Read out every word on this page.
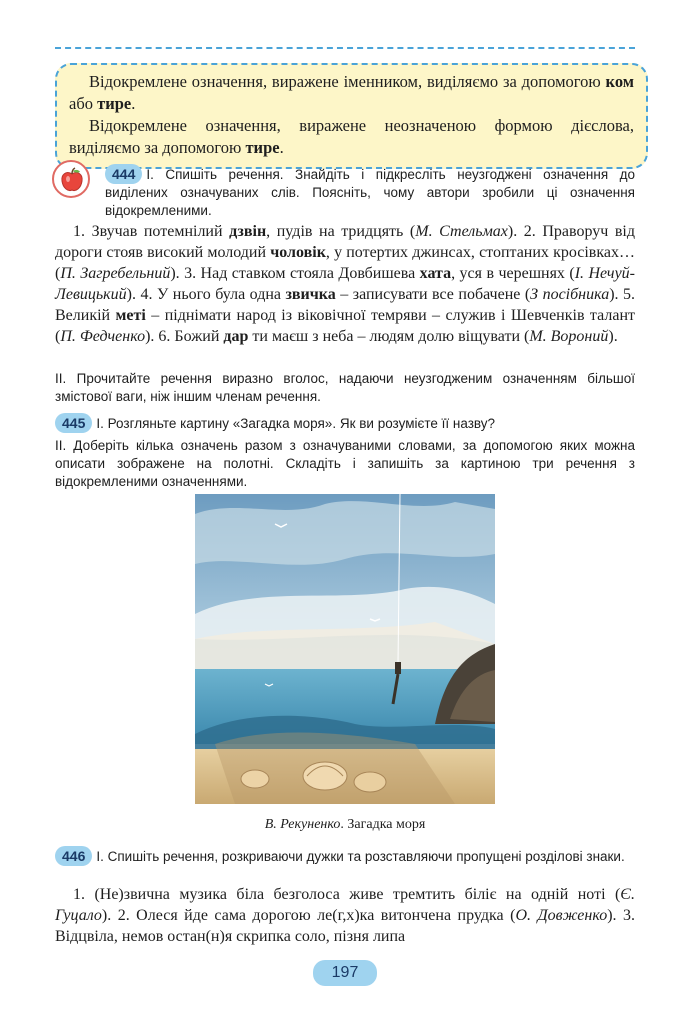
Відокремлене означення, виражене іменником, виділяємо за допомогою ком або тире.

Відокремлене означення, виражене неозначеною формою дієслова, виділяємо за допомогою тире.

444 I. Спишіть речення. Знайдіть і підкресліть неузгоджені означення до виділених означуваних слів. Поясніть, чому автори зробили ці означення відокремленими.

1. Звучав потемнілий дзвін, пудів на тридцять (М. Стельмах). 2. Праворуч від дороги стояв високий молодий чоловік, у потертих джинсах, стоптаних кросівках… (П. Загребельний). 3. Над ставком стояла Довбишева хата, уся в черешнях (І. Нечуй-Левицький). 4. У нього була одна звичка – записувати все побачене (З посібника). 5. Великій меті – піднімати народ із віковічної темряви – служив і Шевченків талант (П. Федченко). 6. Божий дар ти маєш з неба – людям долю віщувати (М. Вороний).

II. Прочитайте речення виразно вголос, надаючи неузгодженим означенням більшої змістової ваги, ніж іншим членам речення.
445 I. Розгляньте картину «Загадка моря». Як ви розумієте її назву?
II. Доберіть кілька означень разом з означуваними словами, за допомогою яких можна описати зображене на полотні. Складіть і запишіть за картиною три речення з відокремленими означеннями.
В. Рекуненко. Загадка моря
446 I. Спишіть речення, розкриваючи дужки та розставляючи пропущені розділові знаки.

1. (Не)звична музика біла безголоса живе тремтить біліє на одній ноті (Є. Гуцало). 2. Олеся йде сама дорогою ле(г,х)ка витончена прудка (О. Довженко). 3. Відцвіла, немов остан(н)я скрипка соло, пізня липа

197
